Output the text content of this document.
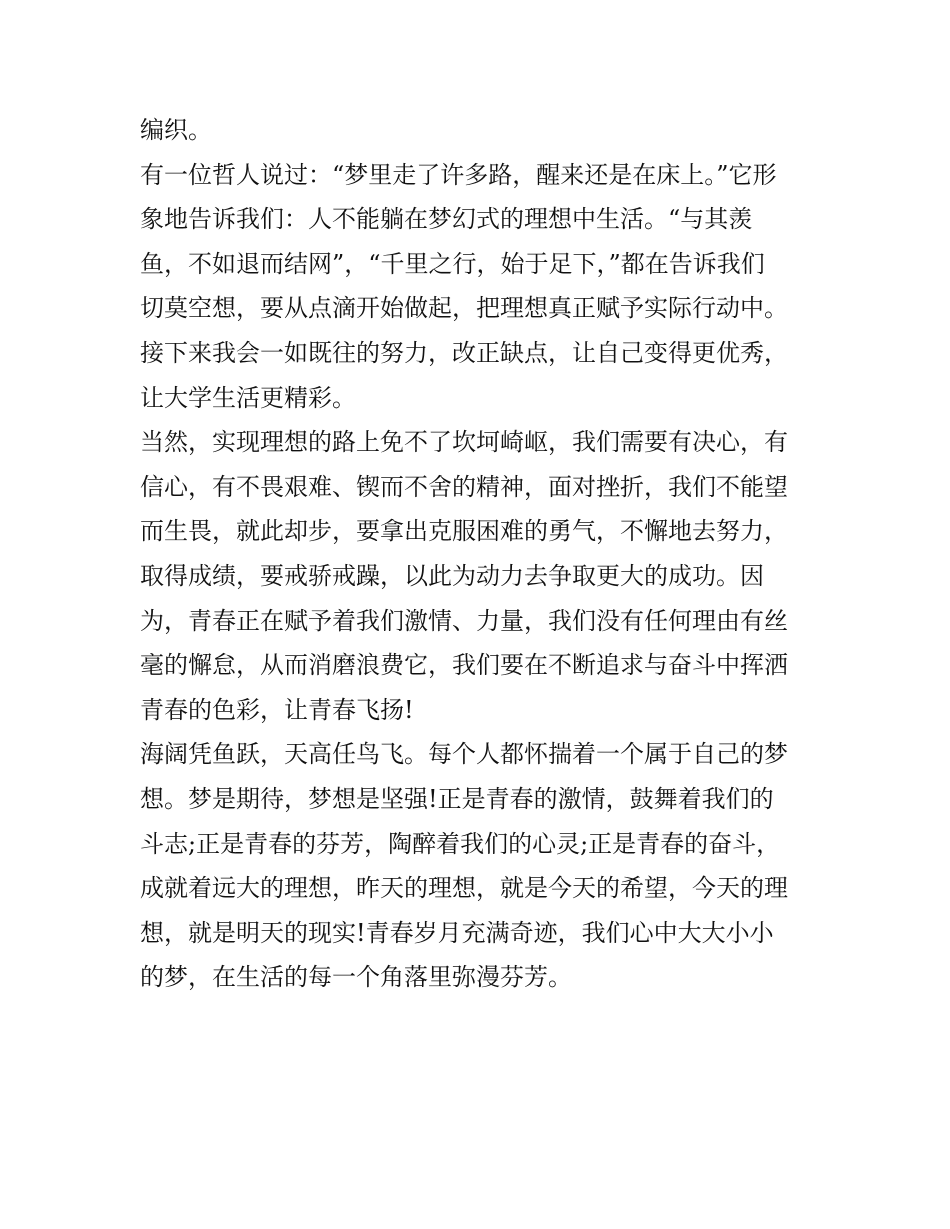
编织。
有一位哲人说过：“梦里走了许多路，醒来还是在床上。”它形
象地告诉我们：人不能躺在梦幻式的理想中生活。“与其羡
鱼，不如退而结网”，“千里之行，始于足下，”都在告诉我们
切莫空想，要从点滴开始做起，把理想真正赋予实际行动中。
接下来我会一如既往的努力，改正缺点，让自己变得更优秀，
让大学生活更精彩。
当然，实现理想的路上免不了坎坷崎岖，我们需要有决心，有
信心，有不畏艰难、锲而不舍的精神，面对挫折，我们不能望
而生畏，就此却步，要拿出克服困难的勇气，不懈地去努力，
取得成绩，要戒骄戒躁，以此为动力去争取更大的成功。因
为，青春正在赋予着我们激情、力量，我们没有任何理由有丝
毫的懈怠，从而消磨浪费它，我们要在不断追求与奋斗中挥洒
青春的色彩，让青春飞扬!
海阔凭鱼跃，天高任鸟飞。每个人都怀揣着一个属于自己的梦
想。梦是期待，梦想是坚强!正是青春的激情，鼓舞着我们的
斗志;正是青春的芬芳，陶醉着我们的心灵;正是青春的奋斗，
成就着远大的理想，昨天的理想，就是今天的希望，今天的理
想，就是明天的现实!青春岁月充满奇迹，我们心中大大小小
的梦，在生活的每一个角落里弥漫芬芳。
